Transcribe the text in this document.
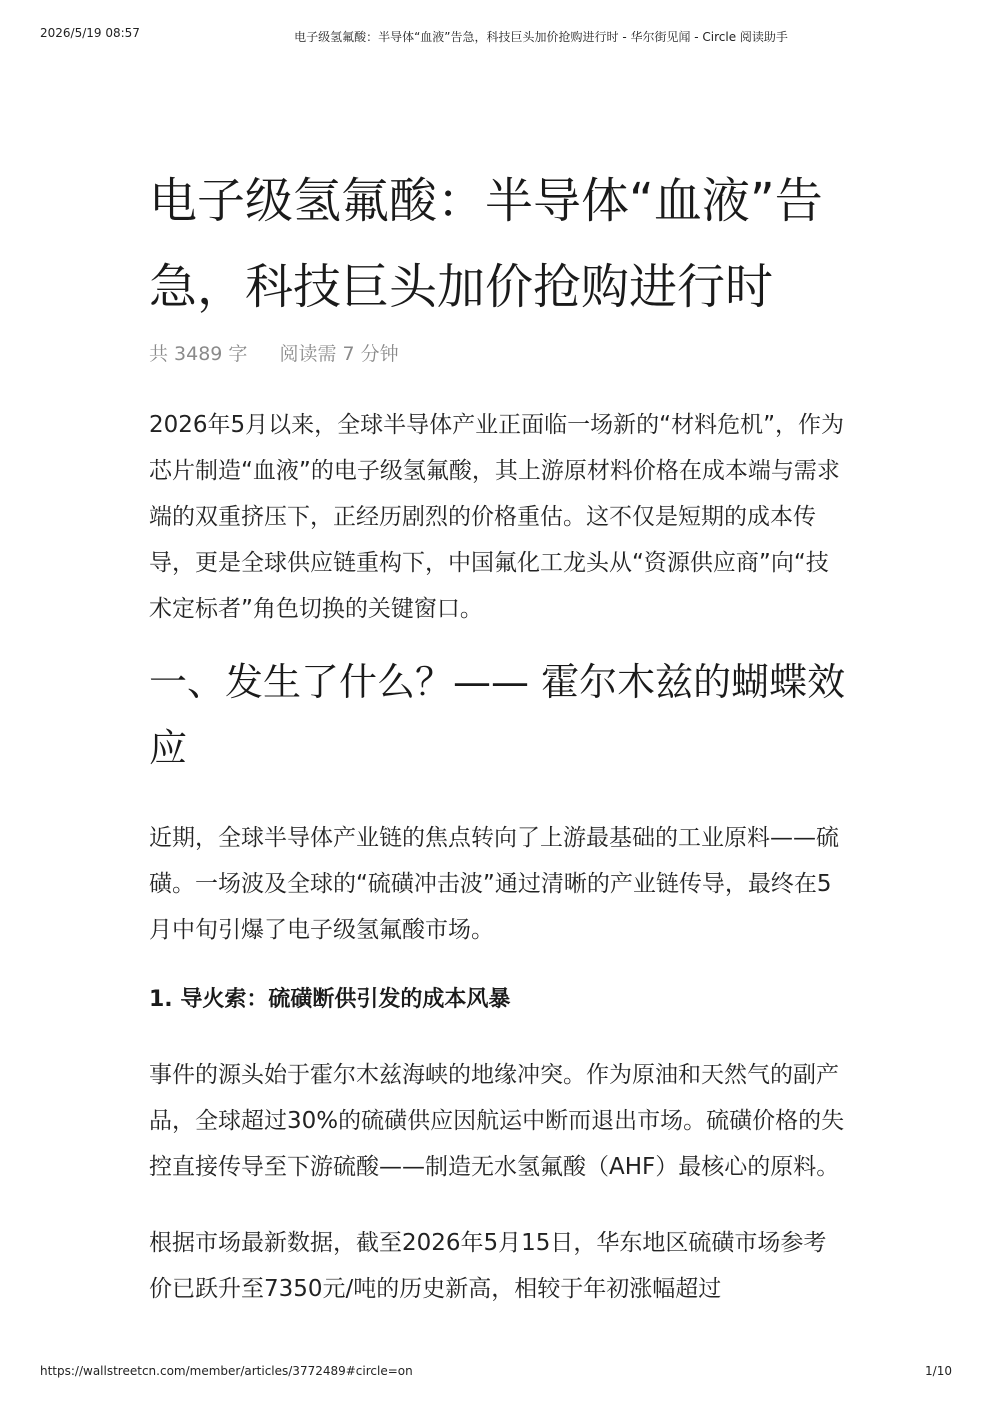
2026/5/19 08:57	电子级氢氟酸：半导体“血液”告急，科技巨头加价抢购进行时 - 华尔街见闻 - Circle 阅读助手
电子级氢氟酸：半导体“血液”告急，科技巨头加价抢购进行时
共 3489 字 阅读需 7 分钟

2026年5月以来，全球半导体产业正面临一场新的“材料危机”，作为芯片制造“血液”的电子级氢氟酸，其上游原材料价格在成本端与需求端的双重挤压下，正经历剧烈的价格重估。这不仅是短期的成本传导，更是全球供应链重构下，中国氟化工龙头从“资源供应商”向“技术定标者”角色切换的关键窗口。

一、发生了什么？—— 霍尔木兹的蝴蝶效应

近期，全球半导体产业链的焦点转向了上游最基础的工业原料——硫磺。一场波及全球的“硫磺冲击波”通过清晰的产业链传导，最终在5月中旬引爆了电子级氢氟酸市场。

1. 导火索：硫磺断供引发的成本风暴

事件的源头始于霍尔木兹海峡的地缘冲突。作为原油和天然气的副产品，全球超过30%的硫磺供应因航运中断而退出市场。硫磺价格的失控直接传导至下游硫酸——制造无水氢氟酸（AHF）最核心的原料。

根据市场最新数据，截至2026年5月15日，华东地区硫磺市场参考价已跃升至7350元/吨的历史新高，相较于年初涨幅超过

https://wallstreetcn.com/member/articles/3772489#circle=on	1/10
